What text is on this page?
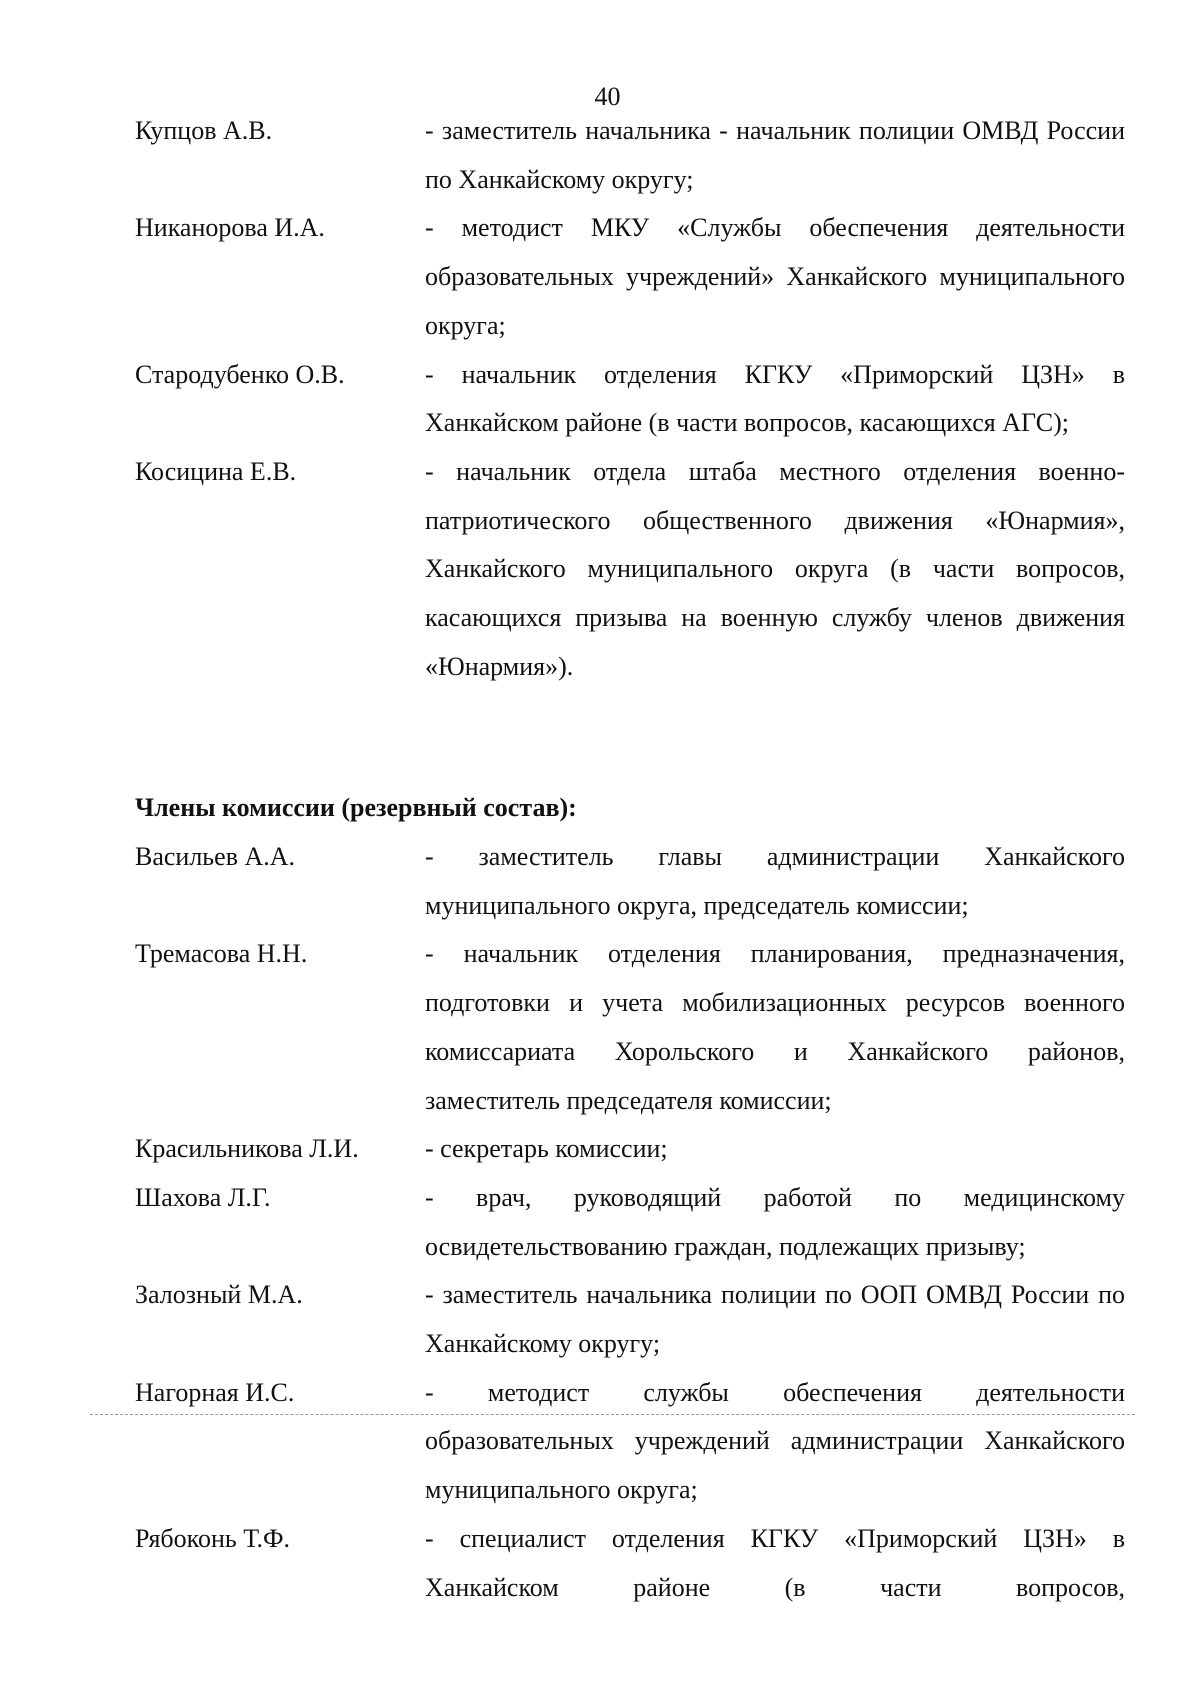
40
Купцов А.В.	- заместитель начальника - начальник полиции ОМВД России по Ханкайскому округу;
Никанорова И.А.	- методист МКУ «Службы обеспечения деятельности образовательных учреждений» Ханкайского муниципального округа;
Стародубенко О.В.	- начальник отделения КГКУ «Приморский ЦЗН» в Ханкайском районе (в части вопросов, касающихся АГС);
Косицина Е.В.	- начальник отдела штаба местного отделения военно-патриотического общественного движения «Юнармия», Ханкайского муниципального округа (в части вопросов, касающихся призыва на военную службу членов движения «Юнармия»).
Члены комиссии (резервный состав):
Васильев А.А.	- заместитель главы администрации Ханкайского муниципального округа, председатель комиссии;
Тремасова Н.Н.	- начальник отделения планирования, предназначения, подготовки и учета мобилизационных ресурсов военного комиссариата Хорольского и Ханкайского районов, заместитель председателя комиссии;
Красильникова Л.И.	- секретарь комиссии;
Шахова Л.Г.	- врач, руководящий работой по медицинскому освидетельствованию граждан, подлежащих призыву;
Залозный М.А.	- заместитель начальника полиции по ООП ОМВД России по Ханкайскому округу;
Нагорная И.С.	- методист службы обеспечения деятельности образовательных учреждений администрации Ханкайского муниципального округа;
Рябоконь Т.Ф.	- специалист отделения КГКУ «Приморский ЦЗН» в Ханкайском районе (в части вопросов,
